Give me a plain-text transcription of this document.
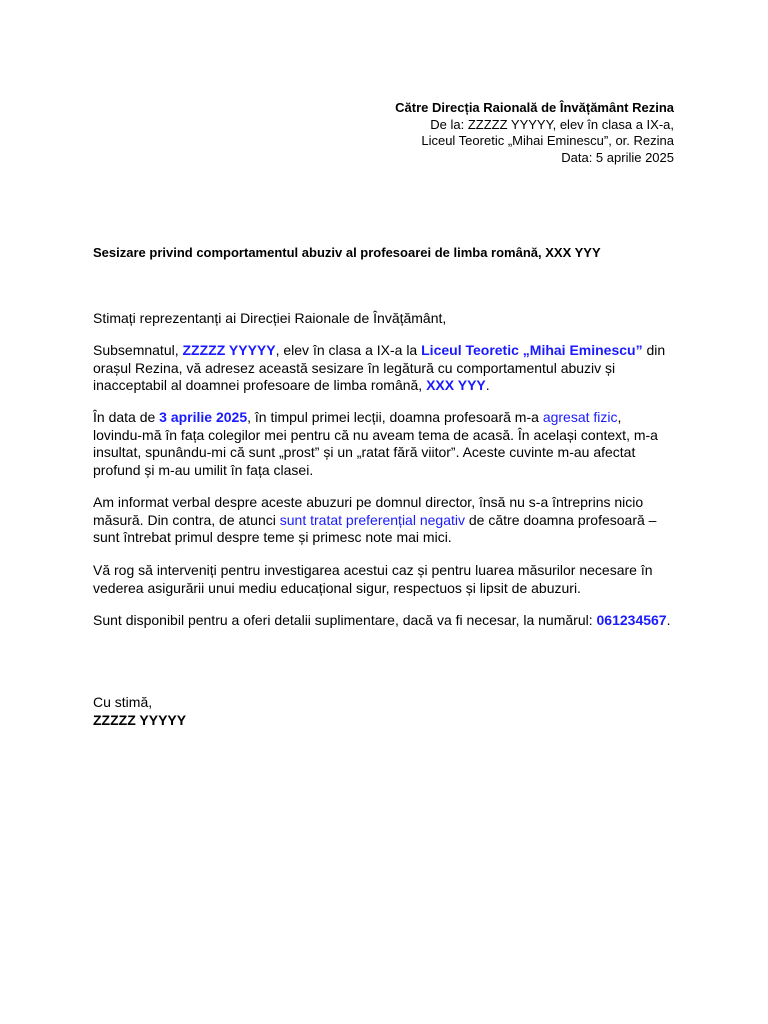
Către Direcția Raională de Învățământ Rezina
De la: ZZZZZ YYYYY, elev în clasa a IX-a,
Liceul Teoretic „Mihai Eminescu”, or. Rezina
Data: 5 aprilie 2025
Sesizare privind comportamentul abuziv al profesoarei de limba română, XXX YYY

Stimați reprezentanți ai Direcției Raionale de Învățământ,

Subsemnatul, ZZZZZ YYYYY, elev în clasa a IX-a la Liceul Teoretic „Mihai Eminescu” din orașul Rezina, vă adresez această sesizare în legătură cu comportamentul abuziv și inacceptabil al doamnei profesoare de limba română, XXX YYY.

În data de 3 aprilie 2025, în timpul primei lecții, doamna profesoară m-a agresat fizic, lovindu-mă în fața colegilor mei pentru că nu aveam tema de acasă. În același context, m-a insultat, spunându-mi că sunt „prost” și un „ratat fără viitor”. Aceste cuvinte m-au afectat profund și m-au umilit în fața clasei.

Am informat verbal despre aceste abuzuri pe domnul director, însă nu s-a întreprins nicio măsură. Din contra, de atunci sunt tratat preferențial negativ de către doamna profesoară – sunt întrebat primul despre teme și primesc note mai mici.

Vă rog să interveniți pentru investigarea acestui caz și pentru luarea măsurilor necesare în vederea asigurării unui mediu educațional sigur, respectuos și lipsit de abuzuri.

Sunt disponibil pentru a oferi detalii suplimentare, dacă va fi necesar, la numărul: 061234567.

Cu stimă,

ZZZZZ YYYYY
